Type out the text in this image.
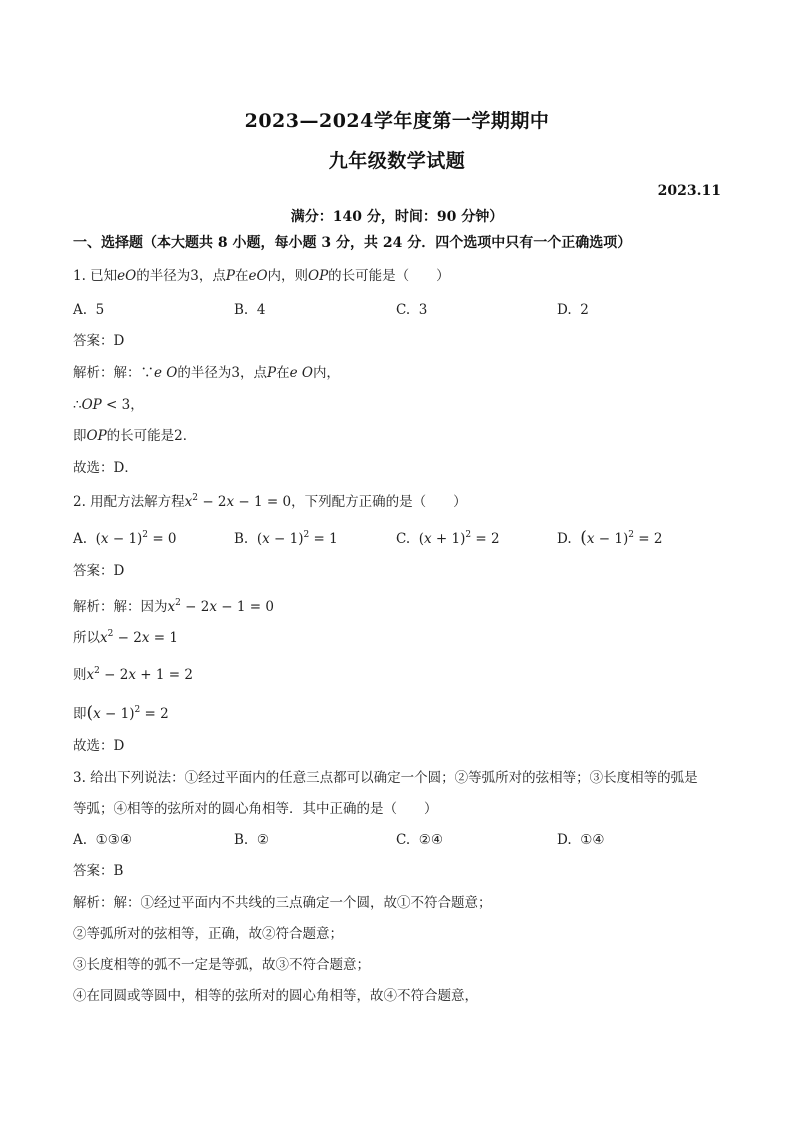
2023—2024学年度第一学期期中
九年级数学试题
2023.11
满分：140 分，时间：90 分钟）
一、选择题（本大题共 8 小题，每小题 3 分，共 24 分．四个选项中只有一个正确选项）
1. 已知eO的半径为3，点P在eO内，则OP的长可能是（　　）
A. 5	B. 4	C. 3	D. 2
答案：D
解析：解：∵e O的半径为3，点P在e O内，
∴OP < 3，
即OP的长可能是2．
故选：D．
2. 用配方法解方程$x^2 - 2x - 1 = 0$，下列配方正确的是（　　）
A. $(x - 1)^2 = 0$	B. $(x - 1)^2 = 1$	C. $(x + 1)^2 = 2$	D. $(x - 1)^2 = 2$
答案：D
解析：解：因为$x^2 - 2x - 1 = 0$
所以$x^2 - 2x = 1$
则$x^2 - 2x + 1 = 2$
即$(x - 1)^2 = 2$
故选：D
3. 给出下列说法：①经过平面内的任意三点都可以确定一个圆；②等弧所对的弦相等；③长度相等的弧是
等弧；④相等的弦所对的圆心角相等．其中正确的是（　　）
A. ①③④	B. ②	C. ②④	D. ①④
答案：B
解析：解：①经过平面内不共线的三点确定一个圆，故①不符合题意；
②等弧所对的弦相等，正确，故②符合题意；
③长度相等的弧不一定是等弧，故③不符合题意；
④在同圆或等圆中，相等的弦所对的圆心角相等，故④不符合题意，
